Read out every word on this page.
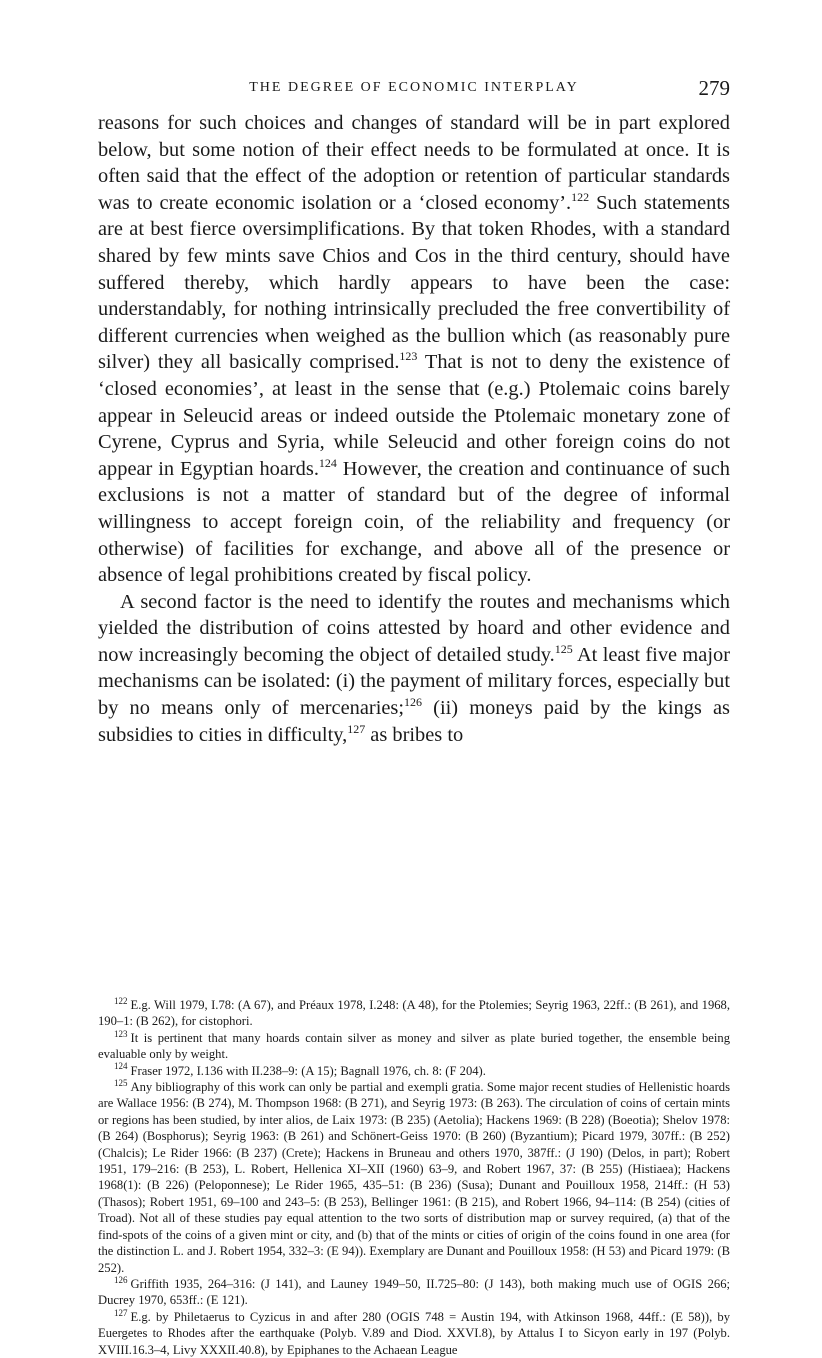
THE DEGREE OF ECONOMIC INTERPLAY	279

reasons for such choices and changes of standard will be in part explored below, but some notion of their effect needs to be formulated at once. It is often said that the effect of the adoption or retention of particular standards was to create economic isolation or a ‘closed economy’.$^{122}$ Such statements are at best fierce oversimplifications. By that token Rhodes, with a standard shared by few mints save Chios and Cos in the third century, should have suffered thereby, which hardly appears to have been the case: understandably, for nothing intrinsically precluded the free convertibility of different currencies when weighed as the bullion which (as reasonably pure silver) they all basically comprised.$^{123}$ That is not to deny the existence of ‘closed economies’, at least in the sense that (e.g.) Ptolemaic coins barely appear in Seleucid areas or indeed outside the Ptolemaic monetary zone of Cyrene, Cyprus and Syria, while Seleucid and other foreign coins do not appear in Egyptian hoards.$^{124}$ However, the creation and continuance of such exclusions is not a matter of standard but of the degree of informal willingness to accept foreign coin, of the reliability and frequency (or otherwise) of facilities for exchange, and above all of the presence or absence of legal prohibitions created by fiscal policy.

A second factor is the need to identify the routes and mechanisms which yielded the distribution of coins attested by hoard and other evidence and now increasingly becoming the object of detailed study.$^{125}$ At least five major mechanisms can be isolated: (i) the payment of military forces, especially but by no means only of mercenaries;$^{126}$ (ii) moneys paid by the kings as subsidies to cities in difficulty,$^{127}$ as bribes to

$^{122}$ E.g. Will 1979, I.78: (A 67), and Préaux 1978, I.248: (A 48), for the Ptolemies; Seyrig 1963, 22ff.: (B 261), and 1968, 190–1: (B 262), for cistophori.

$^{123}$ It is pertinent that many hoards contain silver as money and silver as plate buried together, the ensemble being evaluable only by weight.

$^{124}$ Fraser 1972, I.136 with II.238–9: (A 15); Bagnall 1976, ch. 8: (F 204).

$^{125}$ Any bibliography of this work can only be partial and exempli gratia. Some major recent studies of Hellenistic hoards are Wallace 1956: (B 274), M. Thompson 1968: (B 271), and Seyrig 1973: (B 263). The circulation of coins of certain mints or regions has been studied, by inter alios, de Laix 1973: (B 235) (Aetolia); Hackens 1969: (B 228) (Boeotia); Shelov 1978: (B 264) (Bosphorus); Seyrig 1963: (B 261) and Schönert-Geiss 1970: (B 260) (Byzantium); Picard 1979, 307ff.: (B 252) (Chalcis); Le Rider 1966: (B 237) (Crete); Hackens in Bruneau and others 1970, 387ff.: (J 190) (Delos, in part); Robert 1951, 179–216: (B 253), L. Robert, Hellenica XI–XII (1960) 63–9, and Robert 1967, 37: (B 255) (Histiaea); Hackens 1968(1): (B 226) (Peloponnese); Le Rider 1965, 435–51: (B 236) (Susa); Dunant and Pouilloux 1958, 214ff.: (H 53) (Thasos); Robert 1951, 69–100 and 243–5: (B 253), Bellinger 1961: (B 215), and Robert 1966, 94–114: (B 254) (cities of Troad). Not all of these studies pay equal attention to the two sorts of distribution map or survey required, (a) that of the find-spots of the coins of a given mint or city, and (b) that of the mints or cities of origin of the coins found in one area (for the distinction L. and J. Robert 1954, 332–3: (E 94)). Exemplary are Dunant and Pouilloux 1958: (H 53) and Picard 1979: (B 252).

$^{126}$ Griffith 1935, 264–316: (J 141), and Launey 1949–50, II.725–80: (J 143), both making much use of OGIS 266; Ducrey 1970, 653ff.: (E 121).

$^{127}$ E.g. by Philetaerus to Cyzicus in and after 280 (OGIS 748 = Austin 194, with Atkinson 1968, 44ff.: (E 58)), by Euergetes to Rhodes after the earthquake (Polyb. V.89 and Diod. XXVI.8), by Attalus I to Sicyon early in 197 (Polyb. XVIII.16.3–4, Livy XXXII.40.8), by Epiphanes to the Achaean League
